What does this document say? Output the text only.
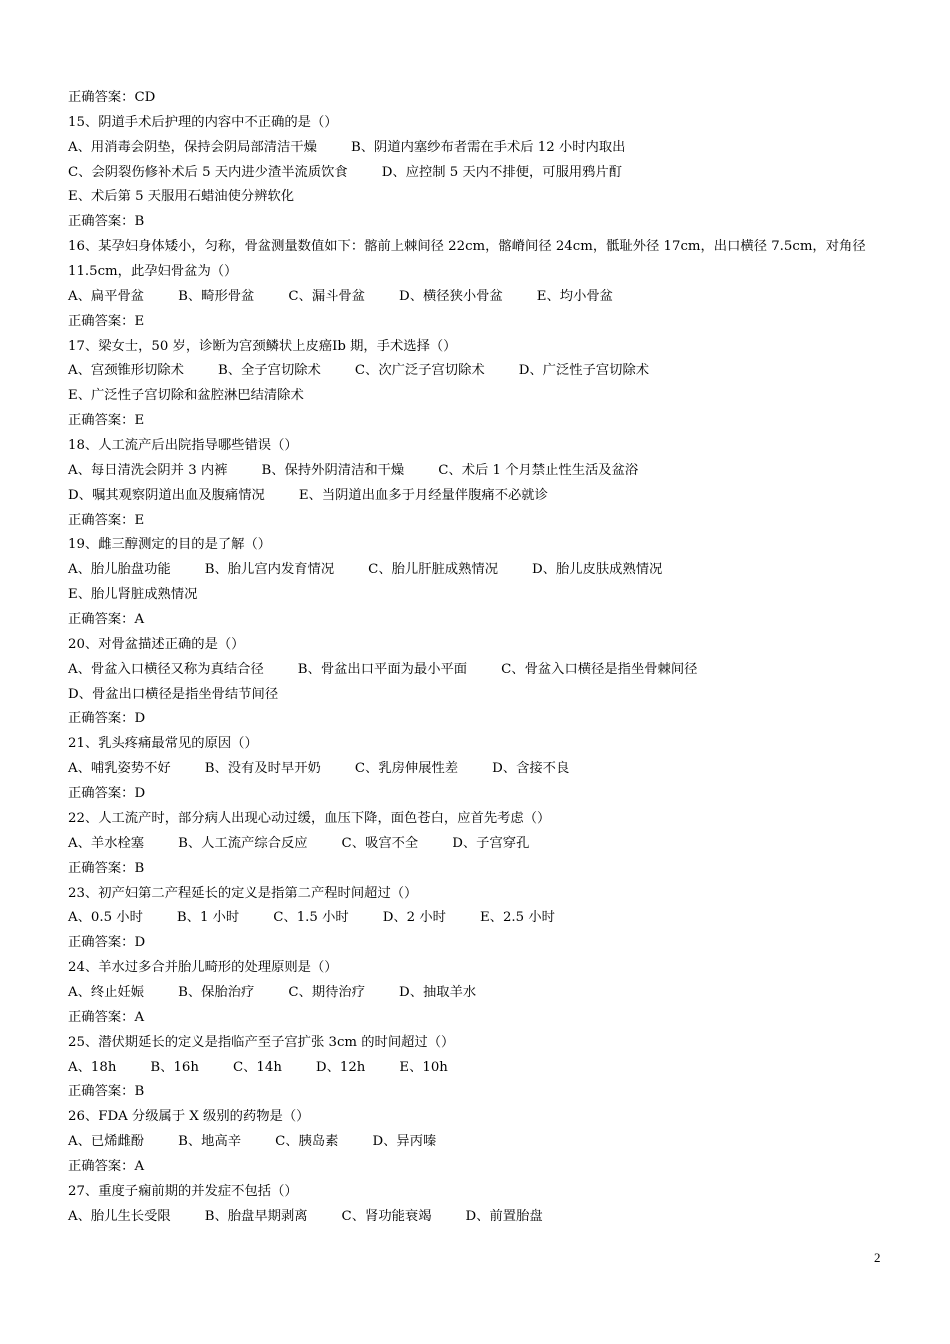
正确答案：CD
15、阴道手术后护理的内容中不正确的是（）
A、用消毒会阴垫，保持会阴局部清洁干燥	B、阴道内塞纱布者需在手术后 12 小时内取出
C、会阴裂伤修补术后 5 天内进少渣半流质饮食	D、应控制 5 天内不排便，可服用鸦片酊
E、术后第 5 天服用石蜡油使分辨软化
正确答案：B
16、某孕妇身体矮小，匀称，骨盆测量数值如下：髂前上棘间径 22cm，髂嵴间径 24cm，骶耻外径 17cm，出口横径 7.5cm，对角径
11.5cm，此孕妇骨盆为（）
A、扁平骨盆	B、畸形骨盆	C、漏斗骨盆	D、横径狭小骨盆	E、均小骨盆
正确答案：E
17、梁女士，50 岁，诊断为宫颈鳞状上皮癌Ⅰb 期，手术选择（）
A、宫颈锥形切除术	B、全子宫切除术	C、次广泛子宫切除术	D、广泛性子宫切除术
E、广泛性子宫切除和盆腔淋巴结清除术
正确答案：E
18、人工流产后出院指导哪些错误（）
A、每日清洗会阴并 3 内裤	B、保持外阴清洁和干燥	C、术后 1 个月禁止性生活及盆浴
D、嘱其观察阴道出血及腹痛情况	E、当阴道出血多于月经量伴腹痛不必就诊
正确答案：E
19、雌三醇测定的目的是了解（）
A、胎儿胎盘功能	B、胎儿宫内发育情况	C、胎儿肝脏成熟情况	D、胎儿皮肤成熟情况
E、胎儿肾脏成熟情况
正确答案：A
20、对骨盆描述正确的是（）
A、骨盆入口横径又称为真结合径	B、骨盆出口平面为最小平面	C、骨盆入口横径是指坐骨棘间径
D、骨盆出口横径是指坐骨结节间径
正确答案：D
21、乳头疼痛最常见的原因（）
A、哺乳姿势不好	B、没有及时早开奶	C、乳房伸展性差	D、含接不良
正确答案：D
22、人工流产时，部分病人出现心动过缓，血压下降，面色苍白，应首先考虑（）
A、羊水栓塞	B、人工流产综合反应	C、吸宫不全	D、子宫穿孔
正确答案：B
23、初产妇第二产程延长的定义是指第二产程时间超过（）
A、0.5 小时	B、1 小时	C、1.5 小时	D、2 小时	E、2.5 小时
正确答案：D
24、羊水过多合并胎儿畸形的处理原则是（）
A、终止妊娠	B、保胎治疗	C、期待治疗	D、抽取羊水
正确答案：A
25、潜伏期延长的定义是指临产至子宫扩张 3cm 的时间超过（）
A、18h	B、16h	C、14h	D、12h	E、10h
正确答案：B
26、FDA 分级属于 X 级别的药物是（）
A、已烯雌酚	B、地高辛	C、胰岛素	D、异丙嗪
正确答案：A
27、重度子痫前期的并发症不包括（）
A、胎儿生长受限	B、胎盘早期剥离	C、肾功能衰竭	D、前置胎盘
2
